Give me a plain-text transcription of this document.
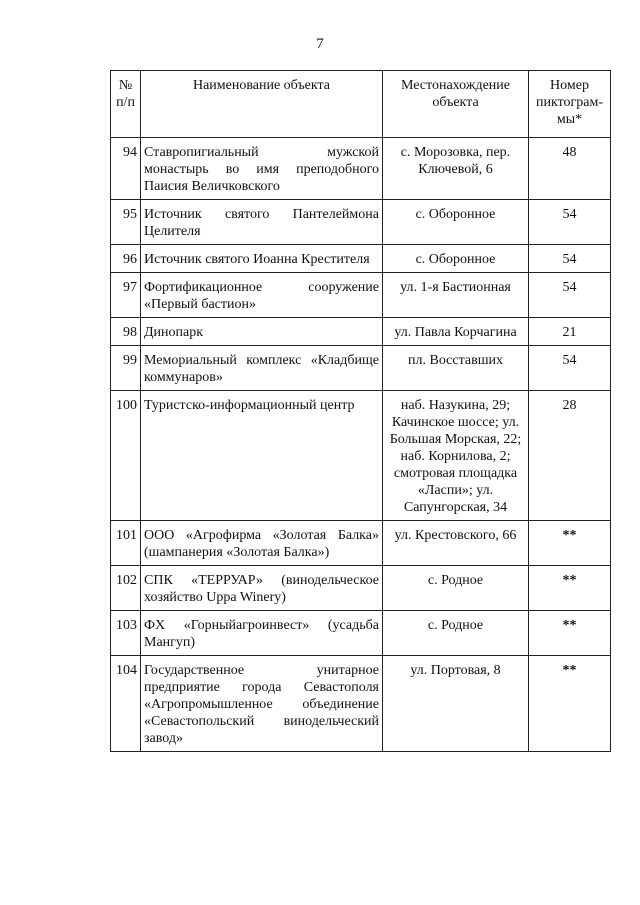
7
№ п/п	Наименование объекта	Местонахождение объекта	Номер пиктограм-мы*
94	Ставропигиальный мужской монастырь во имя преподобного Паисия Величковского	с. Морозовка, пер. Ключевой, 6	48
95	Источник святого Пантелеймона Целителя	с. Оборонное	54
96	Источник святого Иоанна Крестителя	с. Оборонное	54
97	Фортификационное сооружение «Первый бастион»	ул. 1-я Бастионная	54
98	Динопарк	ул. Павла Корчагина	21
99	Мемориальный комплекс «Кладбище коммунаров»	пл. Восставших	54
100	Туристско-информационный центр	наб. Назукина, 29; Качинское шоссе; ул. Большая Морская, 22; наб. Корнилова, 2; смотровая площадка «Ласпи»; ул. Сапунгорская, 34	28
101	ООО «Агрофирма «Золотая Балка» (шампанерия «Золотая Балка»)	ул. Крестовского, 66	**
102	СПК «ТЕРРУАР» (винодельческое хозяйство Uppa Winery)	с. Родное	**
103	ФХ «Горныйагроинвест» (усадьба Мангуп)	с. Родное	**
104	Государственное унитарное предприятие города Севастополя «Агропромышленное объединение «Севастопольский винодельческий завод»	ул. Портовая, 8	**
